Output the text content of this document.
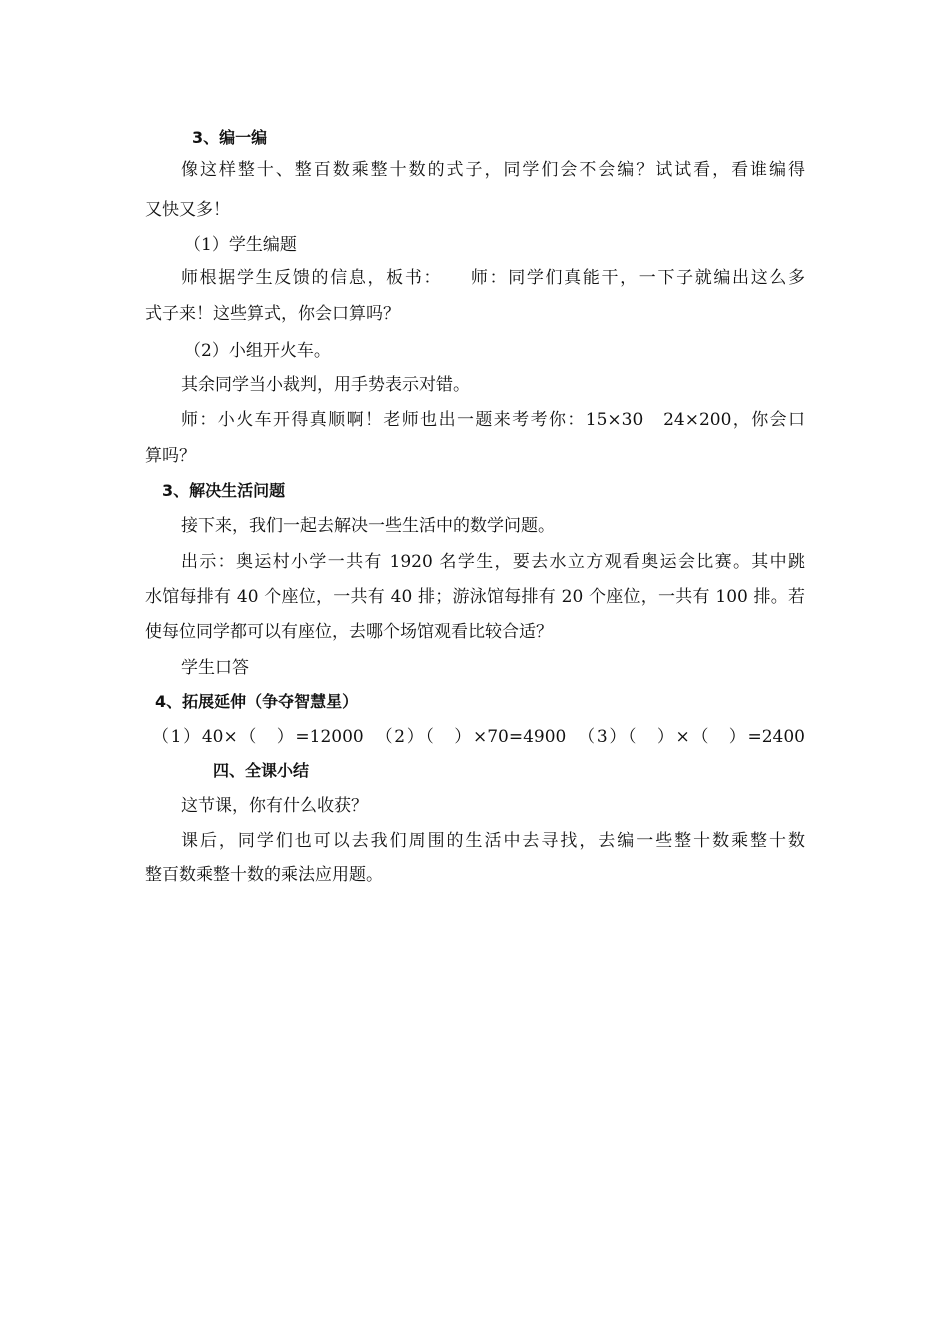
3、编一编
像这样整十、整百数乘整十数的式子，同学们会不会编？试试看，看谁编得
又快又多！
（1）学生编题
师根据学生反馈的信息，板书：　　师：同学们真能干，一下子就编出这么多
式子来！这些算式，你会口算吗？
（2）小组开火车。
其余同学当小裁判，用手势表示对错。
师：小火车开得真顺啊！老师也出一题来考考你：15×30　24×200，你会口
算吗？
3、解决生活问题
接下来，我们一起去解决一些生活中的数学问题。
出示：奥运村小学一共有 1920 名学生，要去水立方观看奥运会比赛。其中跳
水馆每排有 40 个座位，一共有 40 排；游泳馆每排有 20 个座位，一共有 100 排。若
使每位同学都可以有座位，去哪个场馆观看比较合适？
学生口答
4、拓展延伸（争夺智慧星）
（1）40×（　）=12000　（2）（　）×70=4900　（3）（　）×（　）=2400
四、全课小结
这节课，你有什么收获？
课后，同学们也可以去我们周围的生活中去寻找，去编一些整十数乘整十数
整百数乘整十数的乘法应用题。
